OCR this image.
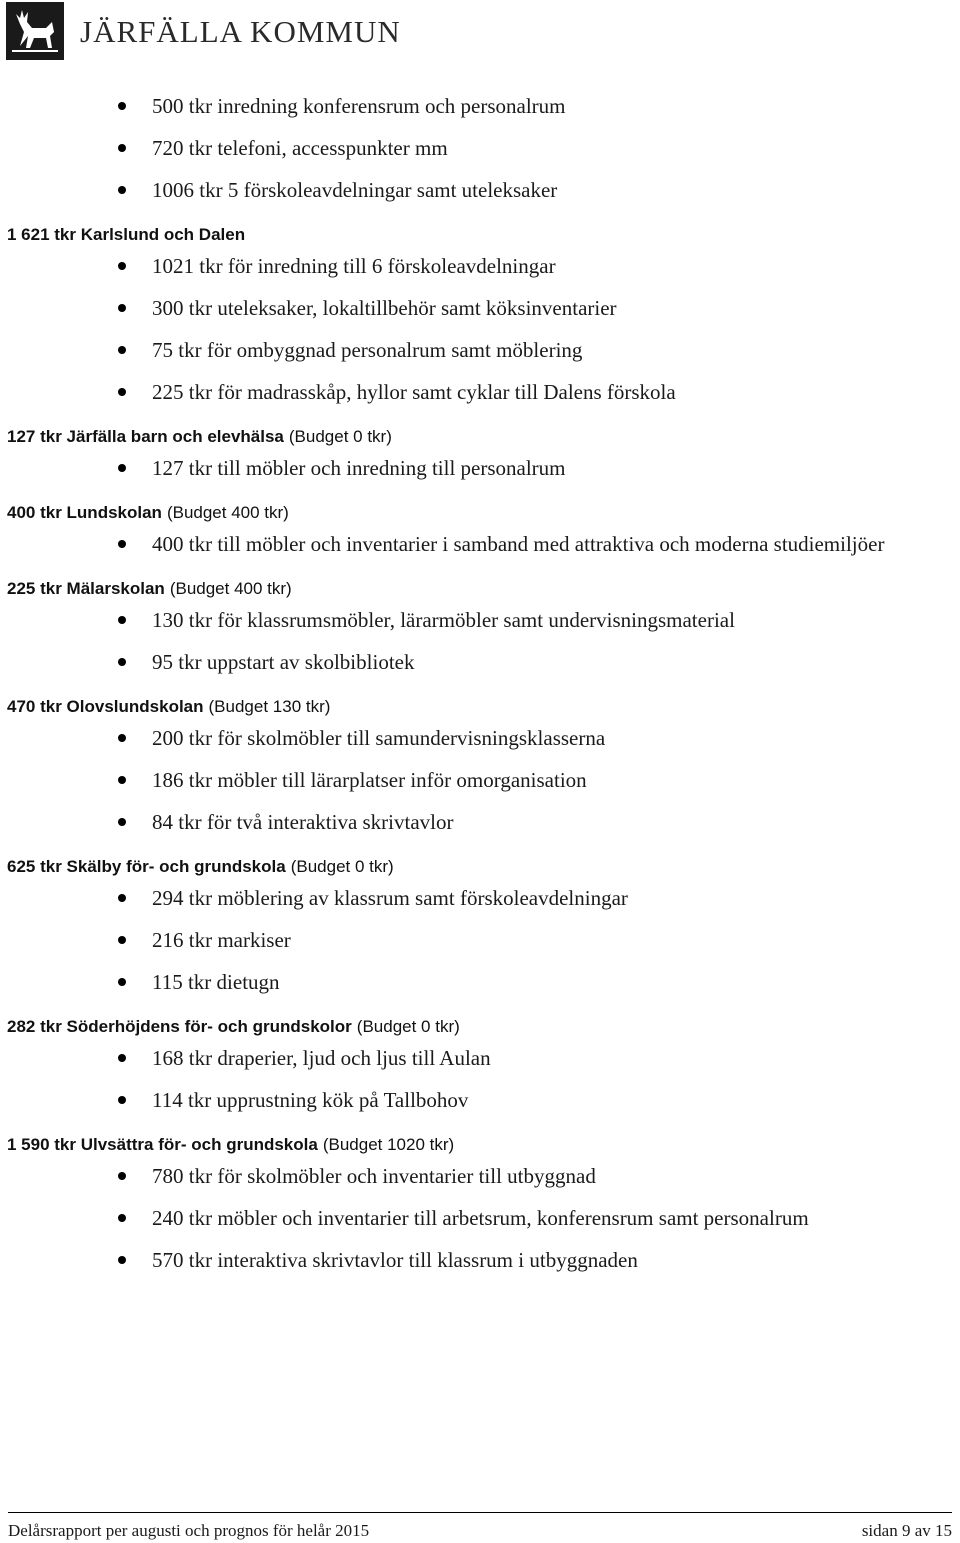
JÄRFÄLLA KOMMUN
500 tkr inredning konferensrum och personalrum
720 tkr telefoni, accesspunkter mm
1006 tkr 5 förskoleavdelningar samt uteleksaker
1 621 tkr Karlslund och Dalen
1021 tkr för inredning till 6 förskoleavdelningar
300 tkr uteleksaker, lokaltillbehör samt köksinventarier
75 tkr för ombyggnad personalrum samt möblering
225 tkr för madrasskåp, hyllor samt cyklar till Dalens förskola
127 tkr Järfälla barn och elevhälsa (Budget 0 tkr)
127 tkr till möbler och inredning till personalrum
400 tkr Lundskolan (Budget 400 tkr)
400 tkr till möbler och inventarier i samband med attraktiva och moderna studiemiljöer
225 tkr Mälarskolan (Budget 400 tkr)
130 tkr för klassrumsmöbler, lärarmöbler samt undervisningsmaterial
95 tkr uppstart av skolbibliotek
470 tkr Olovslundskolan (Budget 130 tkr)
200 tkr för skolmöbler till samundervisningsklasserna
186 tkr möbler till lärarplatser inför omorganisation
84 tkr för två interaktiva skrivtavlor
625 tkr Skälby för- och grundskola (Budget 0 tkr)
294 tkr möblering av klassrum samt förskoleavdelningar
216 tkr markiser
115 tkr dietugn
282 tkr Söderhöjdens för- och grundskolor (Budget 0 tkr)
168 tkr draperier, ljud och ljus till Aulan
114 tkr upprustning kök på Tallbohov
1 590 tkr Ulvsättra för- och grundskola (Budget 1020 tkr)
780 tkr för skolmöbler och inventarier till utbyggnad
240 tkr möbler och inventarier till arbetsrum, konferensrum samt personalrum
570 tkr interaktiva skrivtavlor till klassrum i utbyggnaden
Delårsrapport per augusti och prognos för helår 2015	sidan 9 av 15
